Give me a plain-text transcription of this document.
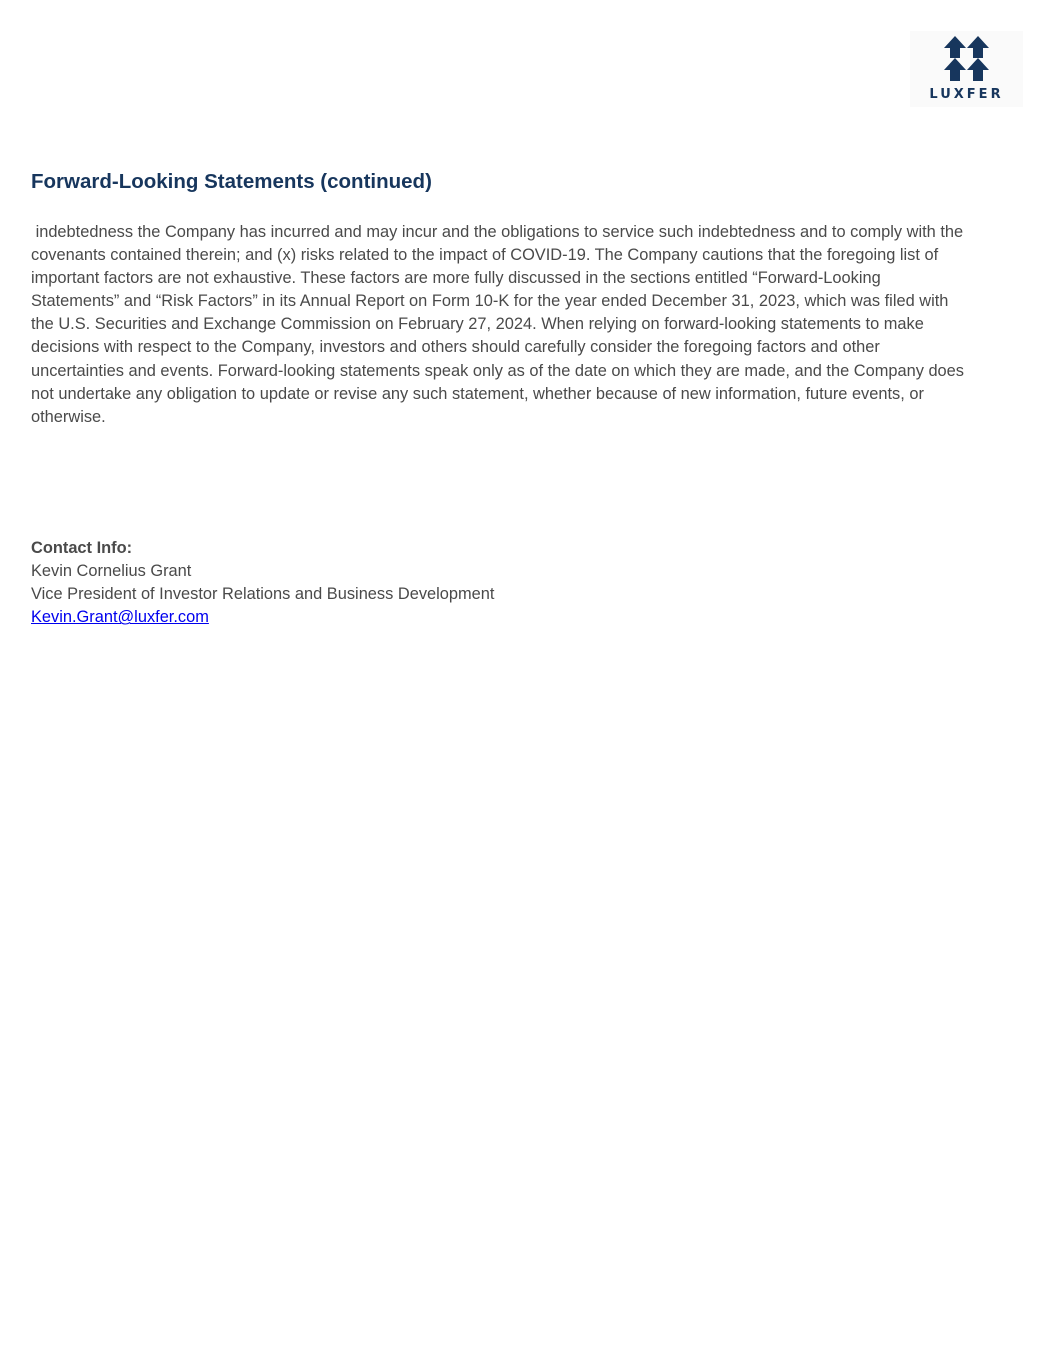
LUXFER
Forward-Looking Statements (continued)
indebtedness the Company has incurred and may incur and the obligations to service such indebtedness and to comply with the
covenants contained therein; and (x) risks related to the impact of COVID-19. The Company cautions that the foregoing list of
important factors are not exhaustive. These factors are more fully discussed in the sections entitled “Forward-Looking
Statements” and “Risk Factors” in its Annual Report on Form 10-K for the year ended December 31, 2023, which was filed with
the U.S. Securities and Exchange Commission on February 27, 2024. When relying on forward-looking statements to make
decisions with respect to the Company, investors and others should carefully consider the foregoing factors and other
uncertainties and events. Forward-looking statements speak only as of the date on which they are made, and the Company does
not undertake any obligation to update or revise any such statement, whether because of new information, future events, or
otherwise.
Contact Info:
Kevin Cornelius Grant
Vice President of Investor Relations and Business Development
Kevin.Grant@luxfer.com
